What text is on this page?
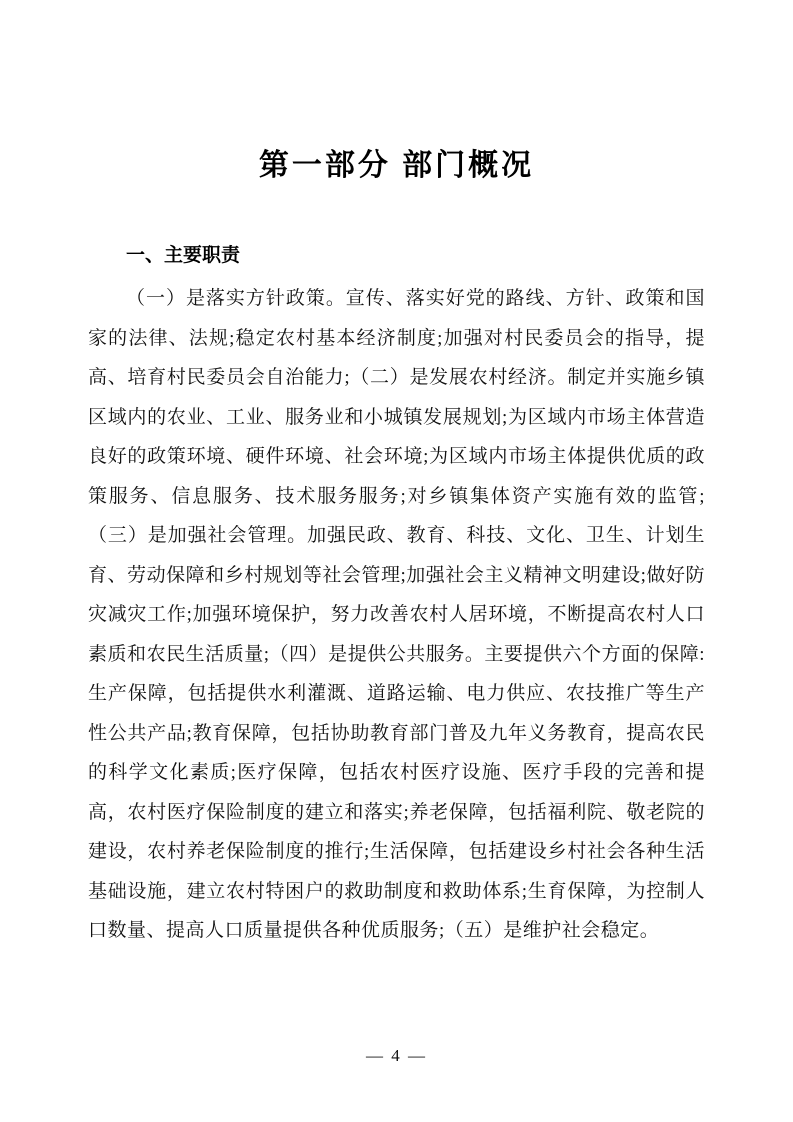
第一部分 部门概况
一、主要职责

（一）是落实方针政策。宣传、落实好党的路线、方针、政策和国家的法律、法规;稳定农村基本经济制度;加强对村民委员会的指导，提高、培育村民委员会自治能力;（二）是发展农村经济。制定并实施乡镇区域内的农业、工业、服务业和小城镇发展规划;为区域内市场主体营造良好的政策环境、硬件环境、社会环境;为区域内市场主体提供优质的政策服务、信息服务、技术服务服务;对乡镇集体资产实施有效的监管;（三）是加强社会管理。加强民政、教育、科技、文化、卫生、计划生育、劳动保障和乡村规划等社会管理;加强社会主义精神文明建设;做好防灾减灾工作;加强环境保护，努力改善农村人居环境，不断提高农村人口素质和农民生活质量;（四）是提供公共服务。主要提供六个方面的保障:生产保障，包括提供水利灌溉、道路运输、电力供应、农技推广等生产性公共产品;教育保障，包括协助教育部门普及九年义务教育，提高农民的科学文化素质;医疗保障，包括农村医疗设施、医疗手段的完善和提高，农村医疗保险制度的建立和落实;养老保障，包括福利院、敬老院的建设，农村养老保险制度的推行;生活保障，包括建设乡村社会各种生活基础设施，建立农村特困户的救助制度和救助体系;生育保障，为控制人口数量、提高人口质量提供各种优质服务;（五）是维护社会稳定。

— 4 —
